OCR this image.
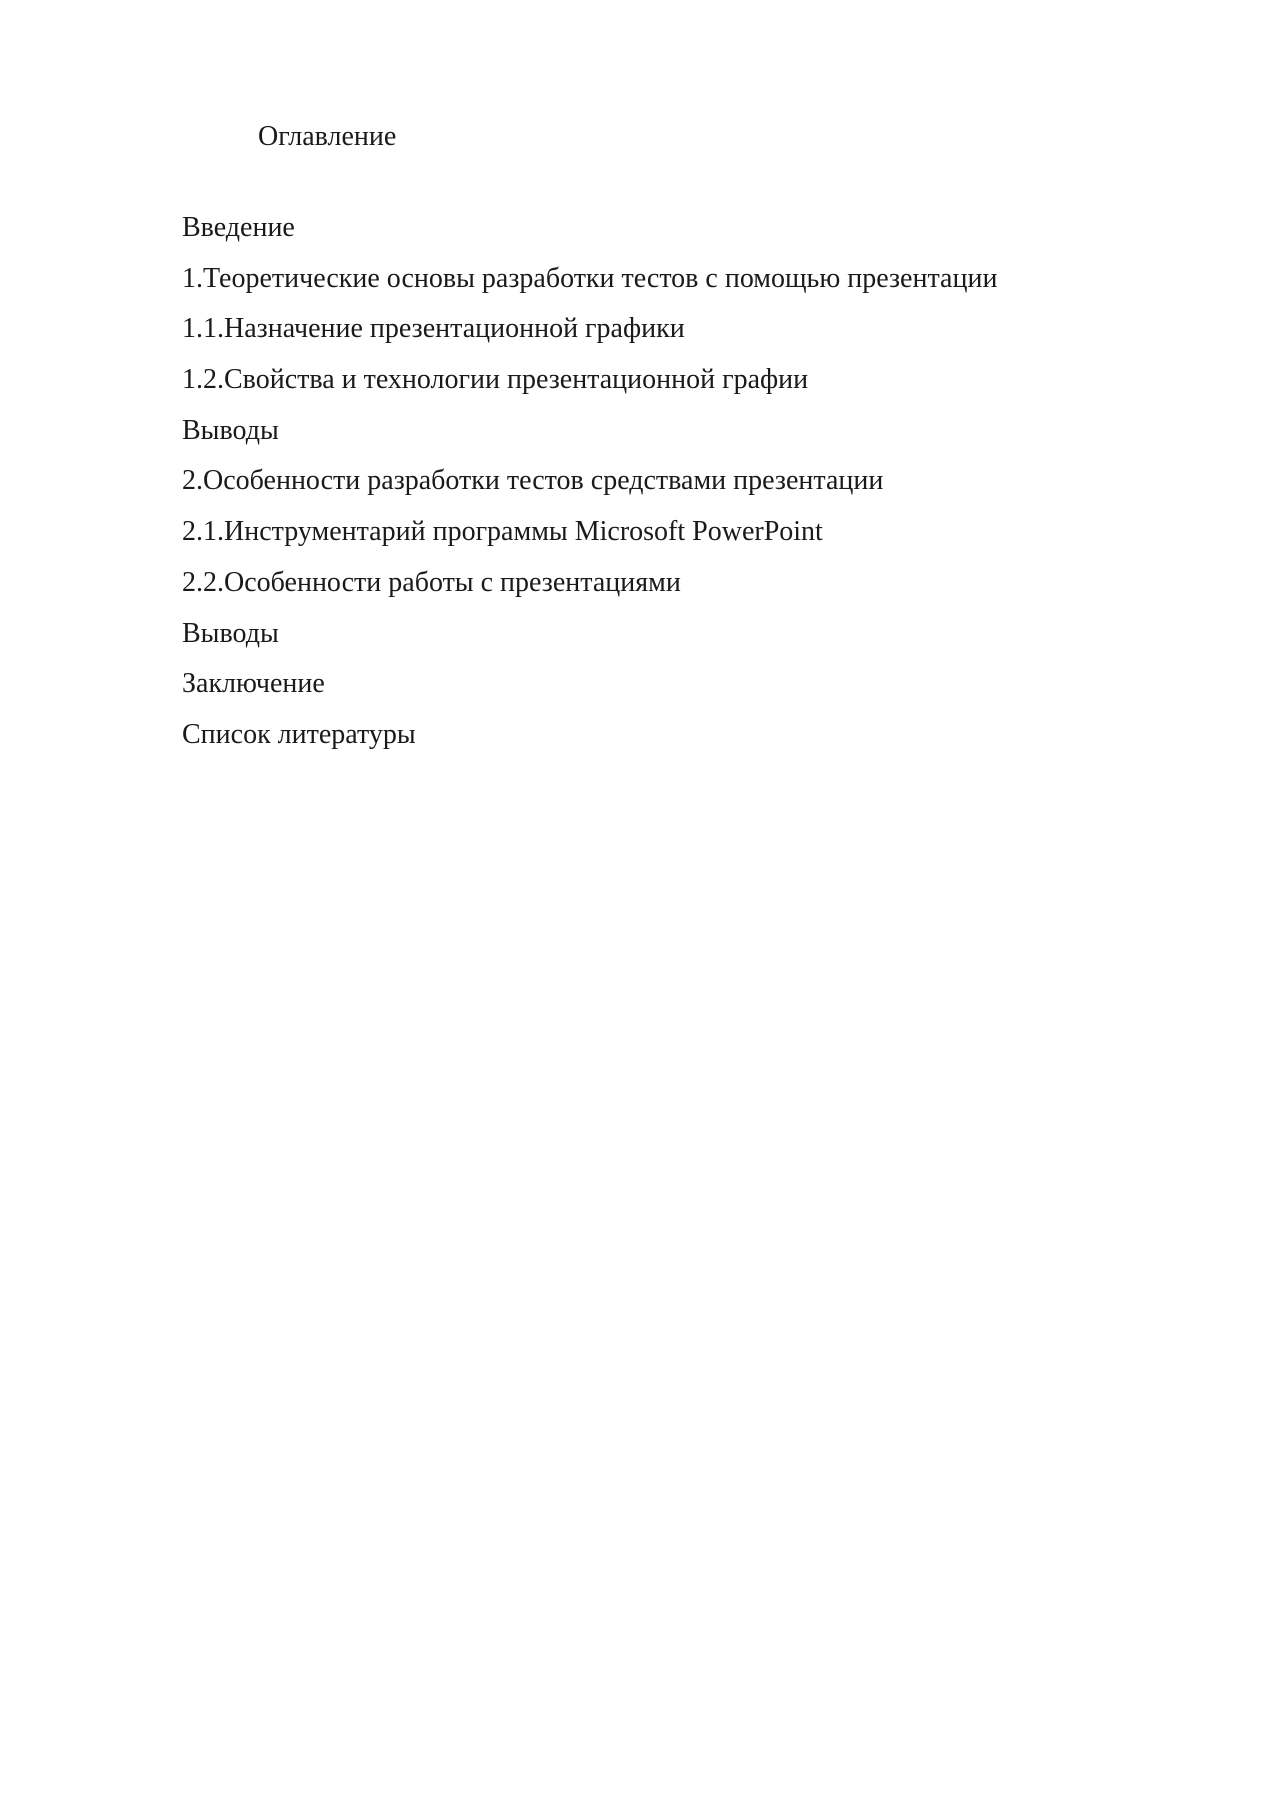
Оглавление
Введение
1.Теоретические основы разработки тестов с помощью презентации
1.1.Назначение презентационной графики
1.2.Свойства и технологии презентационной графии
Выводы
2.Особенности разработки тестов средствами презентации
2.1.Инструментарий программы Microsoft PowerPoint
2.2.Особенности работы с презентациями
Выводы
Заключение
Список литературы
